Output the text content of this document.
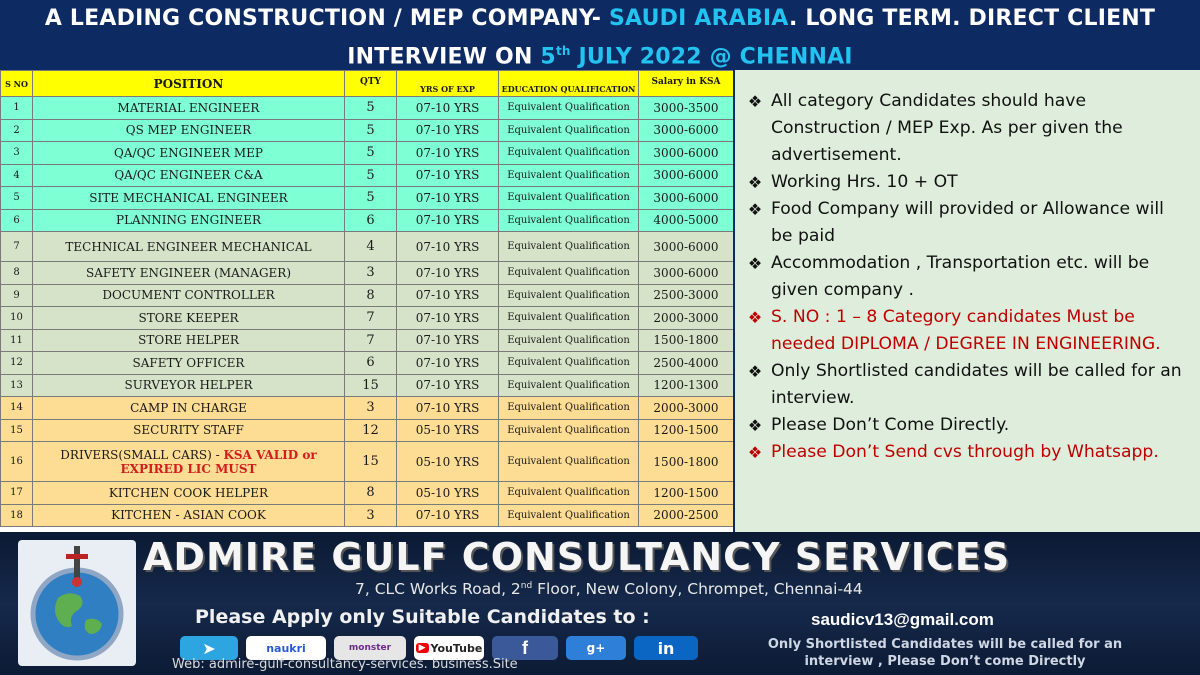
A LEADING CONSTRUCTION / MEP COMPANY- SAUDI ARABIA. LONG TERM. DIRECT CLIENT
INTERVIEW ON 5th JULY 2022 @ CHENNAI
S NO	POSITION	QTY	YRS OF EXP	EDUCATION QUALIFICATION	Salary in KSA
1	MATERIAL ENGINEER	5	07-10 YRS	Equivalent Qualification	3000-3500
2	QS MEP ENGINEER	5	07-10 YRS	Equivalent Qualification	3000-6000
3	QA/QC ENGINEER MEP	5	07-10 YRS	Equivalent Qualification	3000-6000
4	QA/QC ENGINEER C&A	5	07-10 YRS	Equivalent Qualification	3000-6000
5	SITE MECHANICAL ENGINEER	5	07-10 YRS	Equivalent Qualification	3000-6000
6	PLANNING ENGINEER	6	07-10 YRS	Equivalent Qualification	4000-5000
7	TECHNICAL ENGINEER MECHANICAL	4	07-10 YRS	Equivalent Qualification	3000-6000
8	SAFETY ENGINEER (MANAGER)	3	07-10 YRS	Equivalent Qualification	3000-6000
9	DOCUMENT CONTROLLER	8	07-10 YRS	Equivalent Qualification	2500-3000
10	STORE KEEPER	7	07-10 YRS	Equivalent Qualification	2000-3000
11	STORE HELPER	7	07-10 YRS	Equivalent Qualification	1500-1800
12	SAFETY OFFICER	6	07-10 YRS	Equivalent Qualification	2500-4000
13	SURVEYOR HELPER	15	07-10 YRS	Equivalent Qualification	1200-1300
14	CAMP IN CHARGE	3	07-10 YRS	Equivalent Qualification	2000-3000
15	SECURITY STAFF	12	05-10 YRS	Equivalent Qualification	1200-1500
16	DRIVERS(SMALL CARS) - KSA VALID or EXPIRED LIC MUST	15	05-10 YRS	Equivalent Qualification	1500-1800
17	KITCHEN COOK HELPER	8	05-10 YRS	Equivalent Qualification	1200-1500
18	KITCHEN - ASIAN COOK	3	07-10 YRS	Equivalent Qualification	2000-2500
❖ All category Candidates should have Construction / MEP Exp. As per given the advertisement.
❖ Working Hrs. 10 + OT
❖ Food Company will provided or Allowance will be paid
❖ Accommodation , Transportation etc. will be given company .
❖ S. NO : 1 – 8 Category candidates Must be needed DIPLOMA / DEGREE IN ENGINEERING.
❖ Only Shortlisted candidates will be called for an interview.
❖ Please Don’t Come Directly.
❖ Please Don’t Send cvs through by Whatsapp.
ADMIRE GULF CONSULTANCY SERVICES
7, CLC Works Road, 2nd Floor, New Colony, Chrompet, Chennai-44
Please Apply only Suitable Candidates to :	saudicv13@gmail.com
➤	naukri	monster	▶ YouTube	f	g+	in
Web: admire-gulf-consultancy-services. business.Site
Only Shortlisted Candidates will be called for an interview , Please Don’t come Directly
